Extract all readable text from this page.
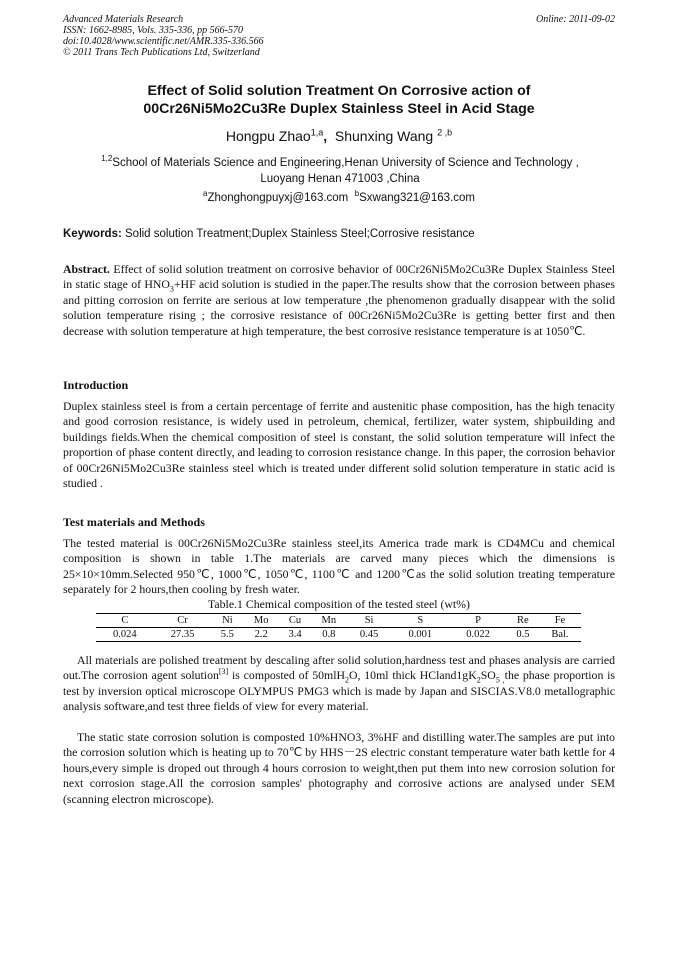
Advanced Materials Research
ISSN: 1662-8985, Vols. 335-336, pp 566-570
doi:10.4028/www.scientific.net/AMR.335-336.566
© 2011 Trans Tech Publications Ltd, Switzerland
Online: 2011-09-02
Effect of Solid solution Treatment On Corrosive action of
00Cr26Ni5Mo2Cu3Re Duplex Stainless Steel in Acid Stage
Hongpu Zhao$^{1,a}$, Shunxing Wang $^{2 ,b}$
$^{1,2}$School of Materials Science and Engineering,Henan University of Science and Technology ,
Luoyang Henan 471003 ,China
$^a$Zhonghongpuyxj@163.com $^b$Sxwang321@163.com
Keywords: Solid solution Treatment;Duplex Stainless Steel;Corrosive resistance
Abstract. Effect of solid solution treatment on corrosive behavior of 00Cr26Ni5Mo2Cu3Re Duplex Stainless Steel in static stage of $HNO_3+HF$ acid solution is studied in the paper.The results show that the corrosion between phases and pitting corrosion on ferrite are serious at low temperature ,the phenomenon gradually disappear with the solid solution temperature rising ; the corrosive resistance of 00Cr26Ni5Mo2Cu3Re is getting better first and then decrease with solution temperature at high temperature, the best corrosive resistance temperature is at 1050℃.
Introduction
Duplex stainless steel is from a certain percentage of ferrite and austenitic phase composition, has the high tenacity and good corrosion resistance, is widely used in petroleum, chemical, fertilizer, water system, shipbuilding and buildings fields.When the chemical composition of steel is constant, the solid solution temperature will infect the proportion of phase content directly, and leading to corrosion resistance change. In this paper, the corrosion behavior of 00Cr26Ni5Mo2Cu3Re stainless steel which is treated under different solid solution temperature in static acid is studied .
Test materials and Methods
The tested material is 00Cr26Ni5Mo2Cu3Re stainless steel,its America trade mark is CD4MCu and chemical composition is shown in table 1.The materials are carved many pieces which the dimensions is 25×10×10mm.Selected 950℃, 1000℃, 1050℃, 1100℃ and 1200℃as the solid solution treating temperature separately for 2 hours,then cooling by fresh water.
Table.1 Chemical composition of the tested steel (wt%)
C	Cr	Ni	Mo	Cu	Mn	Si	S	P	Re	Fe
0.024	27.35	5.5	2.2	3.4	0.8	0.45	0.001	0.022	0.5	Bal.
All materials are polished treatment by descaling after solid solution,hardness test and phases analysis are carried out.The corrosion agent solution[3] is composted of 50mlH$_2$O, 10ml thick $HCland1gK_2SO_{5 ,}the$ phase proportion is test by inversion optical microscope OLYMPUS PMG3 which is made by Japan and SISCIAS.V8.0 metallographic analysis software,and test three fields of view for every material.
The static state corrosion solution is composted 10%HNO3, 3%HF and distilling water.The samples are put into the corrosion solution which is heating up to 70℃ by HHS－2S electric constant temperature water bath kettle for 4 hours,every simple is droped out through 4 hours corrosion to weight,then put them into new corrosion solution for next corrosion stage.All the corrosion samples' photography and corrosive actions are analysed under SEM (scanning electron microscope).
